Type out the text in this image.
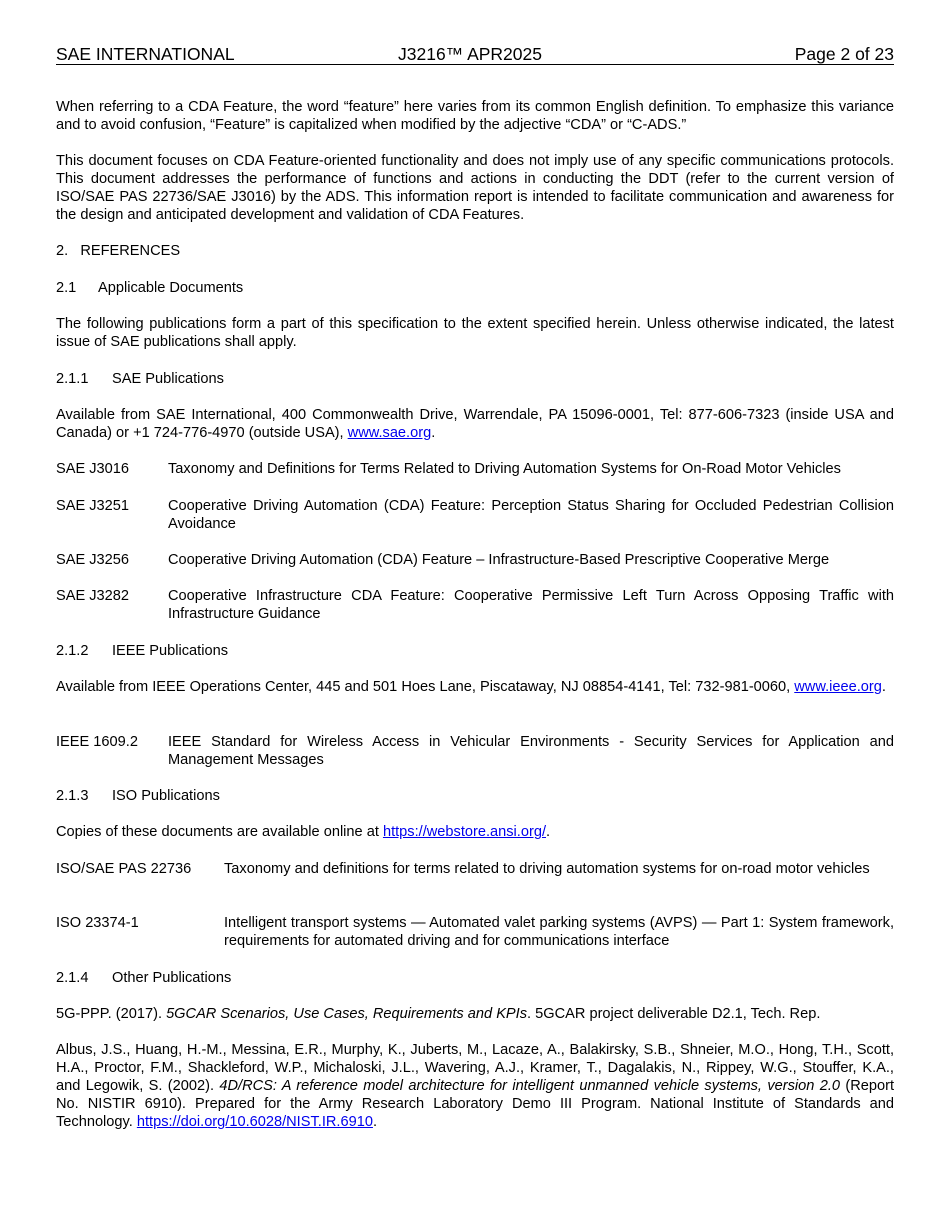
SAE INTERNATIONAL	J3216™ APR2025	Page 2 of 23
When referring to a CDA Feature, the word “feature” here varies from its common English definition. To emphasize this variance and to avoid confusion, “Feature” is capitalized when modified by the adjective “CDA” or “C-ADS.”
This document focuses on CDA Feature-oriented functionality and does not imply use of any specific communications protocols. This document addresses the performance of functions and actions in conducting the DDT (refer to the current version of ISO/SAE PAS 22736/SAE J3016) by the ADS. This information report is intended to facilitate communication and awareness for the design and anticipated development and validation of CDA Features.
2. REFERENCES
2.1 Applicable Documents
The following publications form a part of this specification to the extent specified herein. Unless otherwise indicated, the latest issue of SAE publications shall apply.
2.1.1 SAE Publications
Available from SAE International, 400 Commonwealth Drive, Warrendale, PA 15096-0001, Tel: 877-606-7323 (inside USA and Canada) or +1 724-776-4970 (outside USA), www.sae.org.
SAE J3016	Taxonomy and Definitions for Terms Related to Driving Automation Systems for On-Road Motor Vehicles
SAE J3251	Cooperative Driving Automation (CDA) Feature: Perception Status Sharing for Occluded Pedestrian Collision Avoidance
SAE J3256	Cooperative Driving Automation (CDA) Feature – Infrastructure-Based Prescriptive Cooperative Merge
SAE J3282	Cooperative Infrastructure CDA Feature: Cooperative Permissive Left Turn Across Opposing Traffic with Infrastructure Guidance
2.1.2 IEEE Publications
Available from IEEE Operations Center, 445 and 501 Hoes Lane, Piscataway, NJ 08854-4141, Tel: 732-981-0060, www.ieee.org.
IEEE 1609.2 IEEE Standard for Wireless Access in Vehicular Environments - Security Services for Application and Management Messages
2.1.3 ISO Publications
Copies of these documents are available online at https://webstore.ansi.org/.
ISO/SAE PAS 22736 Taxonomy and definitions for terms related to driving automation systems for on-road motor vehicles
ISO 23374-1	Intelligent transport systems — Automated valet parking systems (AVPS) — Part 1: System framework, requirements for automated driving and for communications interface
2.1.4 Other Publications
5G-PPP. (2017). 5GCAR Scenarios, Use Cases, Requirements and KPIs. 5GCAR project deliverable D2.1, Tech. Rep.
Albus, J.S., Huang, H.-M., Messina, E.R., Murphy, K., Juberts, M., Lacaze, A., Balakirsky, S.B., Shneier, M.O., Hong, T.H., Scott, H.A., Proctor, F.M., Shackleford, W.P., Michaloski, J.L., Wavering, A.J., Kramer, T., Dagalakis, N., Rippey, W.G., Stouffer, K.A., and Legowik, S. (2002). 4D/RCS: A reference model architecture for intelligent unmanned vehicle systems, version 2.0 (Report No. NISTIR 6910). Prepared for the Army Research Laboratory Demo III Program. National Institute of Standards and Technology. https://doi.org/10.6028/NIST.IR.6910.
